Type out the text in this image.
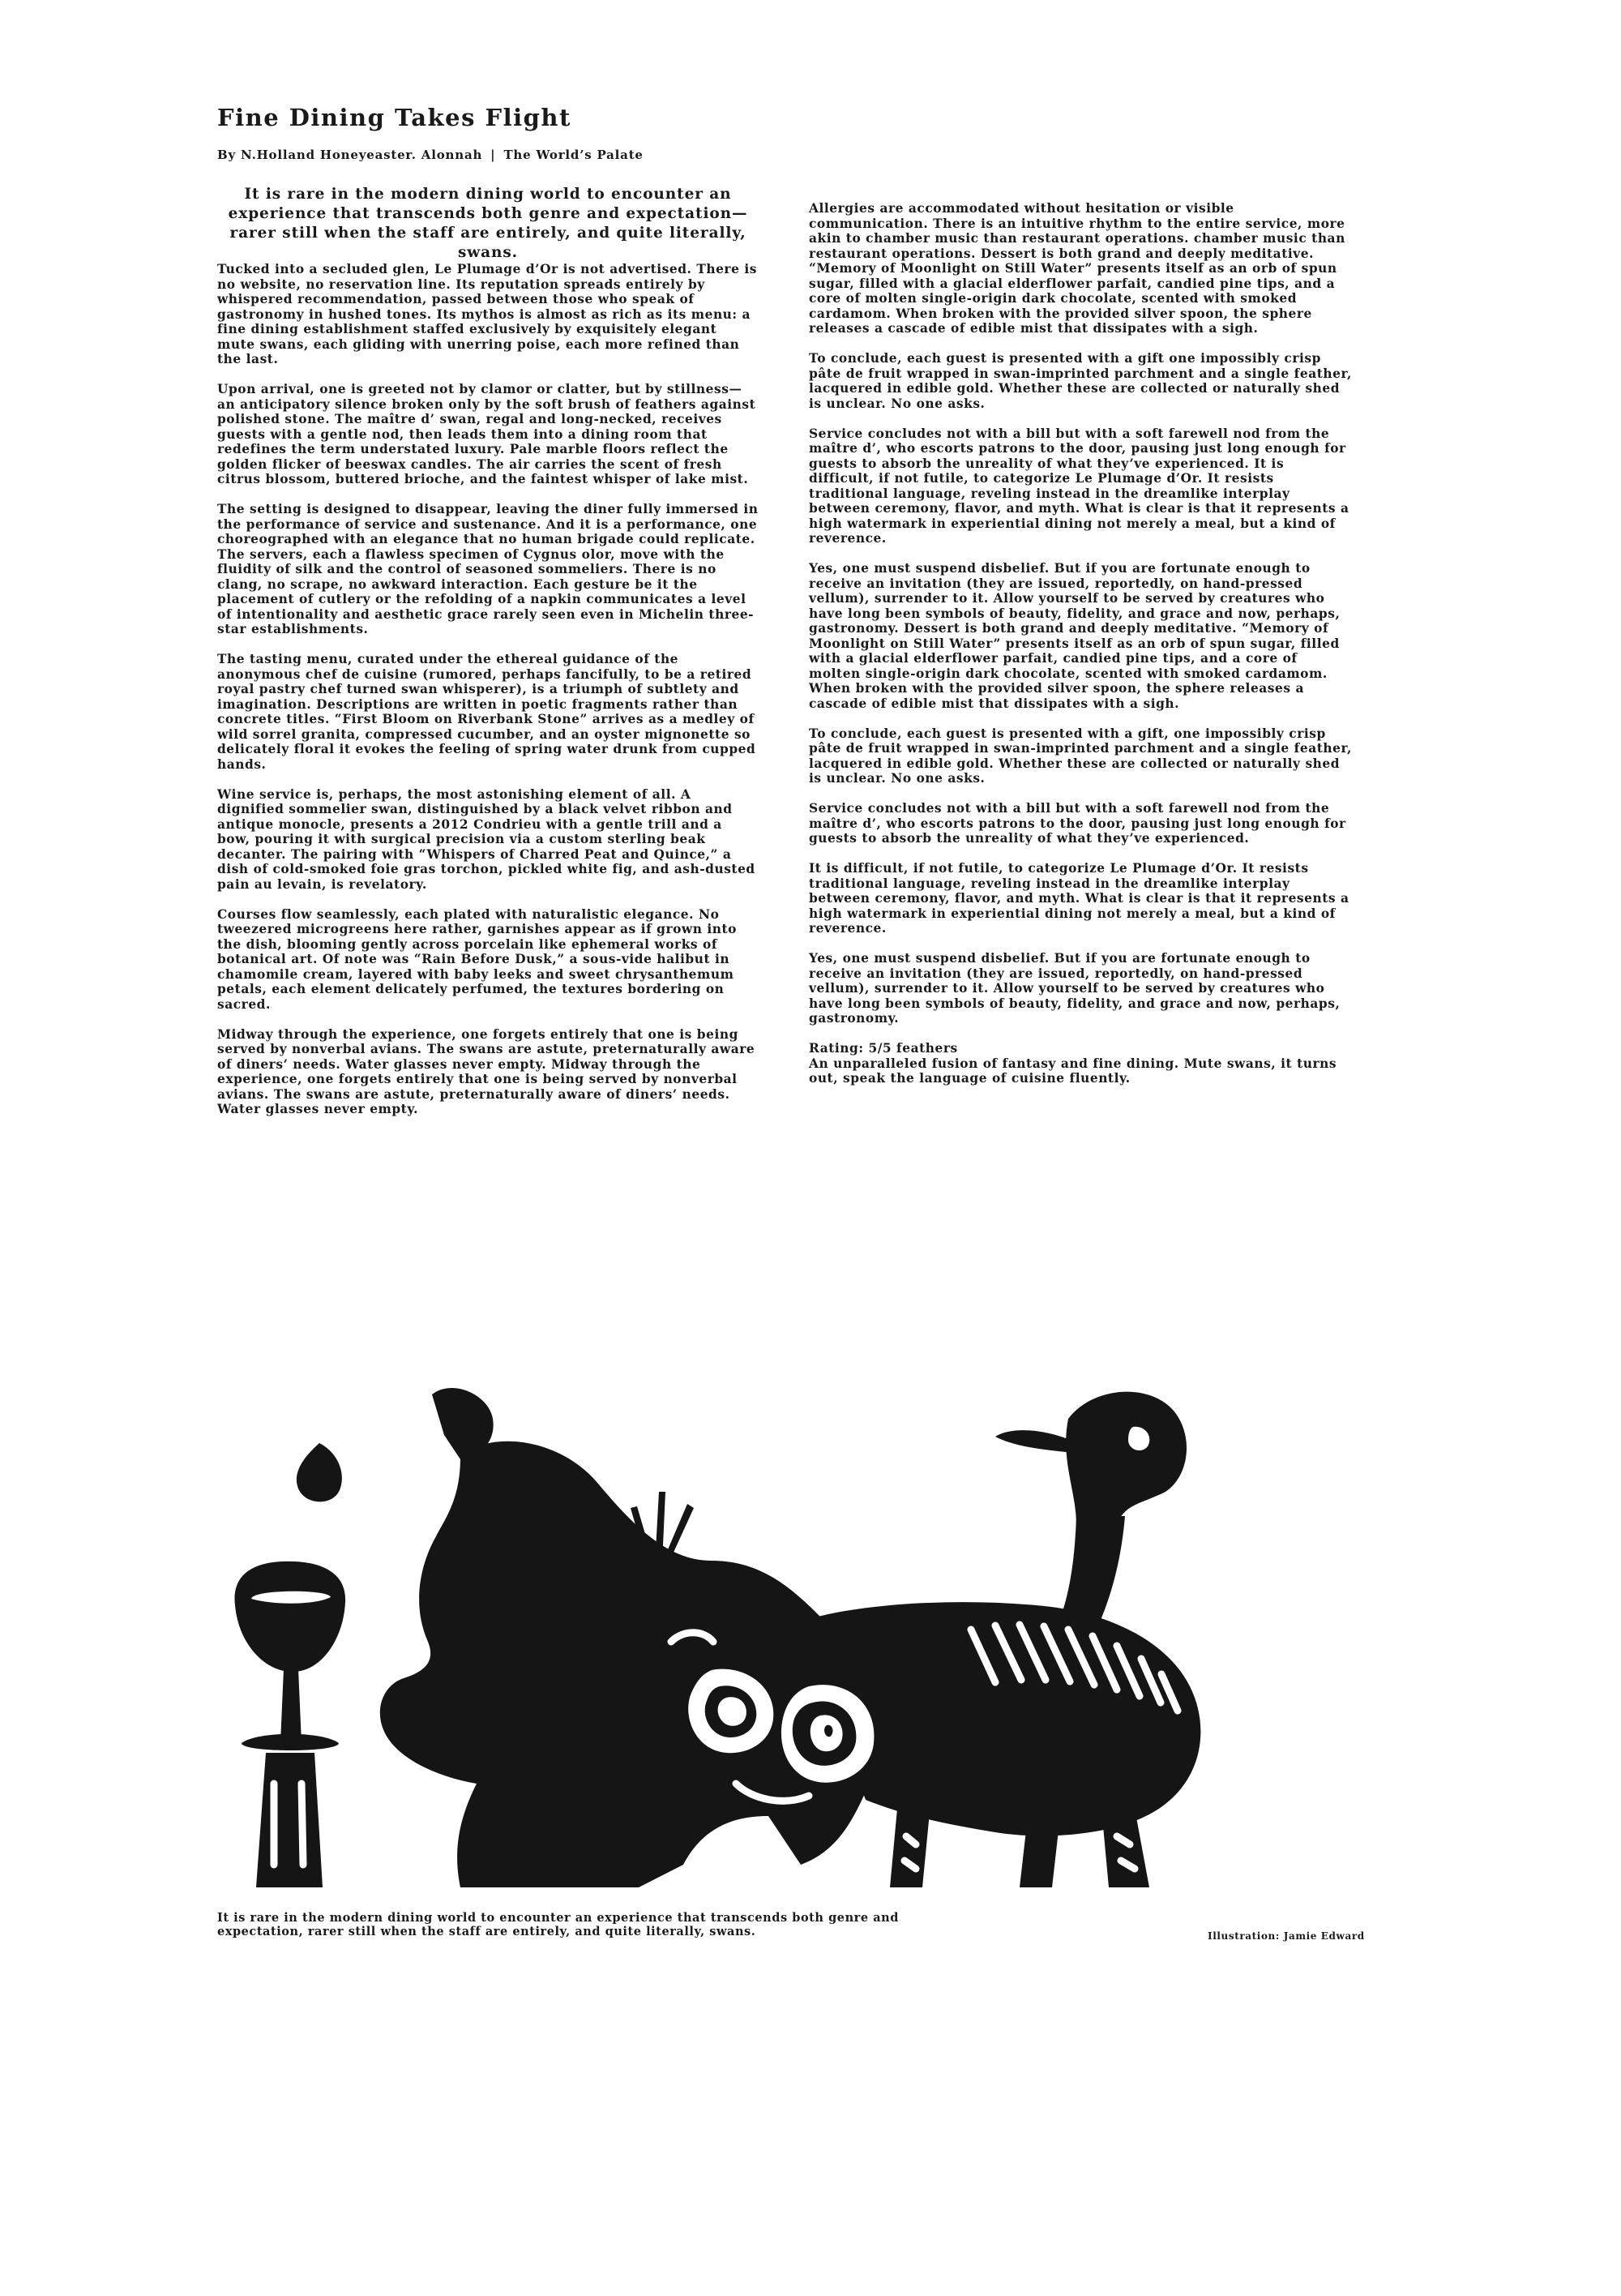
Fine Dining Takes Flight
By N.Holland Honeyeaster. Alonnah | The World’s Palate

It is rare in the modern dining world to encounter an experience that transcends both genre and expectation—rarer still when the staff are entirely, and quite literally, swans.

Tucked into a secluded glen, Le Plumage d’Or is not advertised. There is no website, no reservation line. Its reputation spreads entirely by whispered recommendation, passed between those who speak of gastronomy in hushed tones. Its mythos is almost as rich as its menu: a fine dining establishment staffed exclusively by exquisitely elegant mute swans, each gliding with unerring poise, each more refined than the last.

Upon arrival, one is greeted not by clamor or clatter, but by stillness—an anticipatory silence broken only by the soft brush of feathers against polished stone. The maître d’ swan, regal and long-necked, receives guests with a gentle nod, then leads them into a dining room that redefines the term understated luxury. Pale marble floors reflect the golden flicker of beeswax candles. The air carries the scent of fresh citrus blossom, buttered brioche, and the faintest whisper of lake mist.

The setting is designed to disappear, leaving the diner fully immersed in the performance of service and sustenance. And it is a performance, one choreographed with an elegance that no human brigade could replicate. The servers, each a flawless specimen of Cygnus olor, move with the fluidity of silk and the control of seasoned sommeliers. There is no clang, no scrape, no awkward interaction. Each gesture be it the placement of cutlery or the refolding of a napkin communicates a level of intentionality and aesthetic grace rarely seen even in Michelin three-star establishments.

The tasting menu, curated under the ethereal guidance of the anonymous chef de cuisine (rumored, perhaps fancifully, to be a retired royal pastry chef turned swan whisperer), is a triumph of subtlety and imagination. Descriptions are written in poetic fragments rather than concrete titles. “First Bloom on Riverbank Stone” arrives as a medley of wild sorrel granita, compressed cucumber, and an oyster mignonette so delicately floral it evokes the feeling of spring water drunk from cupped hands.

Wine service is, perhaps, the most astonishing element of all. A dignified sommelier swan, distinguished by a black velvet ribbon and antique monocle, presents a 2012 Condrieu with a gentle trill and a bow, pouring it with surgical precision via a custom sterling beak decanter. The pairing with “Whispers of Charred Peat and Quince,” a dish of cold-smoked foie gras torchon, pickled white fig, and ash-dusted pain au levain, is revelatory.

Courses flow seamlessly, each plated with naturalistic elegance. No tweezered microgreens here rather, garnishes appear as if grown into the dish, blooming gently across porcelain like ephemeral works of botanical art. Of note was “Rain Before Dusk,” a sous-vide halibut in chamomile cream, layered with baby leeks and sweet chrysanthemum petals, each element delicately perfumed, the textures bordering on sacred.

Midway through the experience, one forgets entirely that one is being served by nonverbal avians. The swans are astute, preternaturally aware of diners’ needs. Water glasses never empty. Midway through the experience, one forgets entirely that one is being served by nonverbal avians. The swans are astute, preternaturally aware of diners’ needs. Water glasses never empty.

Allergies are accommodated without hesitation or visible communication. There is an intuitive rhythm to the entire service, more akin to chamber music than restaurant operations. chamber music than restaurant operations. Dessert is both grand and deeply meditative. “Memory of Moonlight on Still Water” presents itself as an orb of spun sugar, filled with a glacial elderflower parfait, candied pine tips, and a core of molten single-origin dark chocolate, scented with smoked cardamom. When broken with the provided silver spoon, the sphere releases a cascade of edible mist that dissipates with a sigh.

To conclude, each guest is presented with a gift one impossibly crisp pâte de fruit wrapped in swan-imprinted parchment and a single feather, lacquered in edible gold. Whether these are collected or naturally shed is unclear. No one asks.

Service concludes not with a bill but with a soft farewell nod from the maître d’, who escorts patrons to the door, pausing just long enough for guests to absorb the unreality of what they’ve experienced. It is difficult, if not futile, to categorize Le Plumage d’Or. It resists traditional language, reveling instead in the dreamlike interplay between ceremony, flavor, and myth. What is clear is that it represents a high watermark in experiential dining not merely a meal, but a kind of reverence.

Yes, one must suspend disbelief. But if you are fortunate enough to receive an invitation (they are issued, reportedly, on hand-pressed vellum), surrender to it. Allow yourself to be served by creatures who have long been symbols of beauty, fidelity, and grace and now, perhaps, gastronomy. Dessert is both grand and deeply meditative. “Memory of Moonlight on Still Water” presents itself as an orb of spun sugar, filled with a glacial elderflower parfait, candied pine tips, and a core of molten single-origin dark chocolate, scented with smoked cardamom. When broken with the provided silver spoon, the sphere releases a cascade of edible mist that dissipates with a sigh.

To conclude, each guest is presented with a gift, one impossibly crisp pâte de fruit wrapped in swan-imprinted parchment and a single feather, lacquered in edible gold. Whether these are collected or naturally shed is unclear. No one asks.

Service concludes not with a bill but with a soft farewell nod from the maître d’, who escorts patrons to the door, pausing just long enough for guests to absorb the unreality of what they’ve experienced.

It is difficult, if not futile, to categorize Le Plumage d’Or. It resists traditional language, reveling instead in the dreamlike interplay between ceremony, flavor, and myth. What is clear is that it represents a high watermark in experiential dining not merely a meal, but a kind of reverence.

Yes, one must suspend disbelief. But if you are fortunate enough to receive an invitation (they are issued, reportedly, on hand-pressed vellum), surrender to it. Allow yourself to be served by creatures who have long been symbols of beauty, fidelity, and grace and now, perhaps, gastronomy.

Rating: 5/5 feathers
An unparalleled fusion of fantasy and fine dining. Mute swans, it turns out, speak the language of cuisine fluently.

It is rare in the modern dining world to encounter an experience that transcends both genre and expectation, rarer still when the staff are entirely, and quite literally, swans.	Illustration: Jamie Edward
